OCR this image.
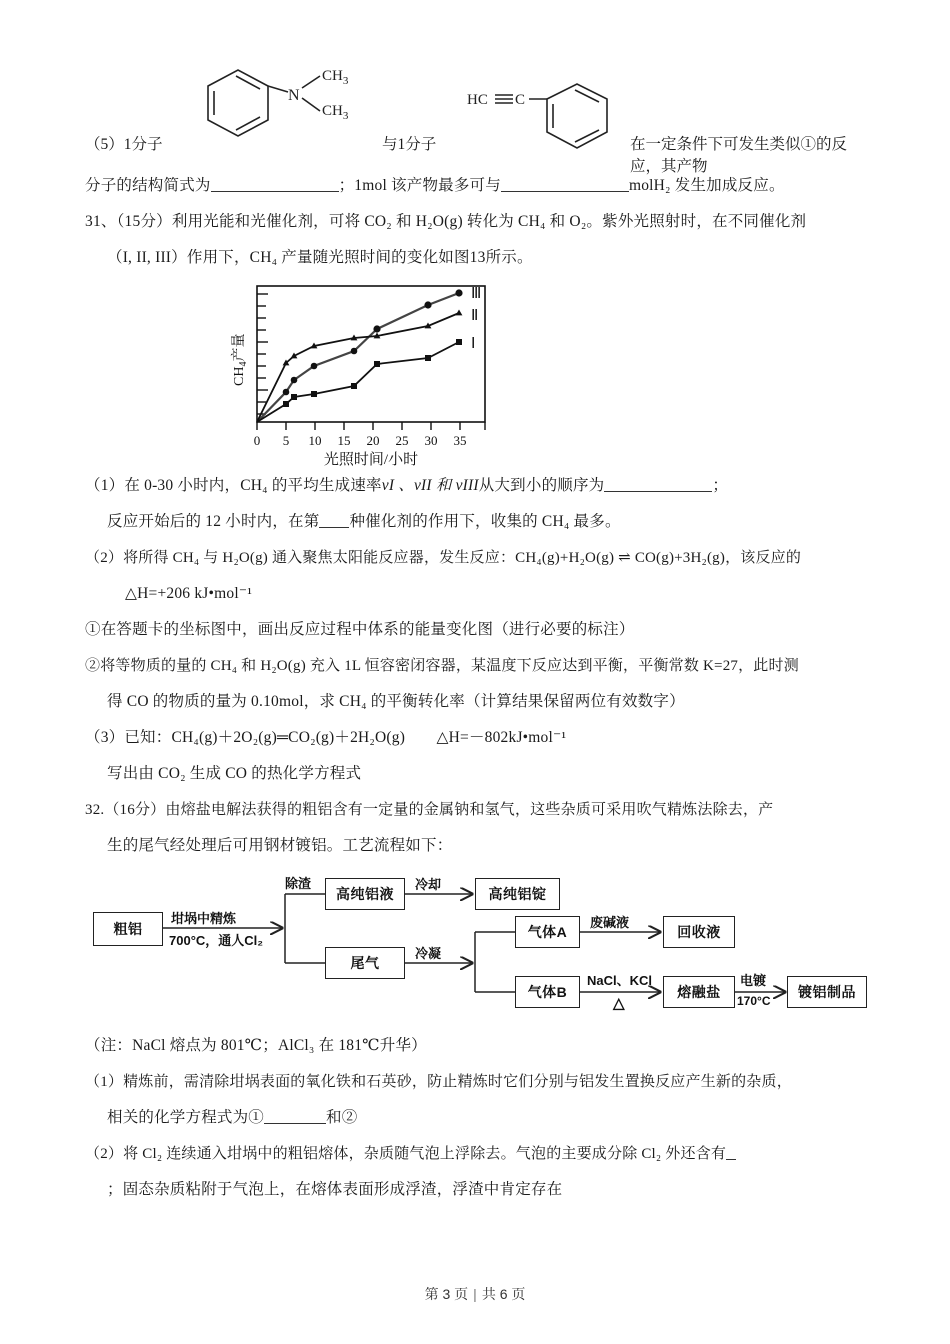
（5）1分子
N
$CH_3$
$CH_3$
与1分子
HC C
在一定条件下可发生类似①的反应，其产物
分子的结构简式为	；1mol 该产物最多可与	molH₂ 发生加成反应。
31、（15分）利用光能和光催化剂，可将 CO₂ 和 H₂O(g) 转化为 CH₄ 和 O₂。紫外光照射时，在不同催化剂
（I, II, III）作用下，CH₄ 产量随光照时间的变化如图13所示。
0 5 10 15 20 25 30 35
$CH_4$产量
光照时间/小时
Ⅲ
Ⅱ
Ⅰ
（1）在 0-30 小时内，CH₄ 的平均生成速率νI 、νII 和 νIII从大到小的顺序为	；
反应开始后的 12 小时内，在第 种催化剂的作用下，收集的 CH₄ 最多。
（2）将所得 CH₄ 与 H₂O(g) 通入聚焦太阳能反应器，发生反应：CH₄(g)+H₂O(g) ⇌ CO(g)+3H₂(g)，该反应的
△H=+206 kJ•mol⁻¹
①在答题卡的坐标图中，画出反应过程中体系的能量变化图（进行必要的标注）
②将等物质的量的 CH₄ 和 H₂O(g) 充入 1L 恒容密闭容器，某温度下反应达到平衡，平衡常数 K=27，此时测
得 CO 的物质的量为 0.10mol，求 CH₄ 的平衡转化率（计算结果保留两位有效数字）
（3）已知：CH₄(g)＋2O₂(g)═CO₂(g)＋2H₂O(g)　　△H=－802kJ•mol⁻¹
写出由 CO₂ 生成 CO 的热化学方程式
32.（16分）由熔盐电解法获得的粗铝含有一定量的金属钠和氢气，这些杂质可采用吹气精炼法除去，产
生的尾气经处理后可用钢材镀铝。工艺流程如下：
粗铝
高纯铝液	高纯铝锭
尾气
气体A
气体B
回收液
熔融盐	镀铝制品
坩埚中精炼
700°C，通人Cl₂
除渣	冷却
冷凝
废碱液
NaCl、KCl
△
电镀
170°C
（注：NaCl 熔点为 801℃；AlCl₃ 在 181℃升华）
（1）精炼前，需清除坩埚表面的氧化铁和石英砂，防止精炼时它们分别与铝发生置换反应产生新的杂质，
相关的化学方程式为①	和②
（2）将 Cl₂ 连续通入坩埚中的粗铝熔体，杂质随气泡上浮除去。气泡的主要成分除 Cl₂ 外还含有
；固态杂质粘附于气泡上，在熔体表面形成浮渣，浮渣中肯定存在
第 3 页 | 共 6 页
